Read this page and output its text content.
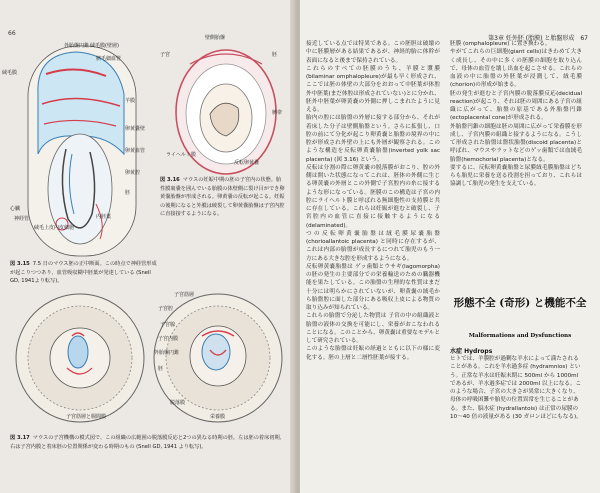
66
外胎盤円錐 絨毛膜(壁層)
臍毛細血管
絨毛膜
羊膜
卵黄嚢壁
卵黄血管
卵黄腔
胚
心臓
神経管	内胚葉
絨毛上皮内皮細胞
図 3.15 7.5 日のマウス胚の正中断面。この時点で神経管形成が起こりつつあり、血管吸収糊中胚葉が発達している (Snell GD, 1941より転写)。
壁側胎盤
子宮	胚
臍帯
ライヘルト膜
反転卵黄嚢
図 3.16 マウスの妊娠中期の胚の子宮内の状態。胎性膜裏嚢を囲んでいる胎膜の体壁側に裂け目ができ卵黄嚢胎盤が形成される。卵黄嚢の反転が起こる。妊娠の後期になると外膜は破裂して卵黄嚢胎盤は子宮内腔に直接接するようになる。
子宮筋層
子宮腔
子宮腺
子宮内膜
外胎盤円錐
胚
脱落膜
子宮筋層と腸間膜	栄養膜
図 3.17 マウスの子宮機構の模式図で、この組織の広範囲の脱落膜反応と2つの異なる時期の胚。左は胚の着床初期、右は子宮内膜と着床胚の位置関係が変わる時期のもの (Snell GD, 1941 より転写)。
第3章 妊外胚 (胎膜) と胎盤形成　67

接近している点では特異である。この胚胆は破壊の中に胚膜層がある結果であるが、神経的胎に体幹が表面になると後まで保持されている。

これらのすべての胚膜のうち、羊膜と漿膜(bilaminar omphalopleure)が最も早く形成され、ここでは胚の体壁の大部分をおおって中胚葉が体腔外中胚葉(まだ体腔は形成されていない)とに分かれ、胚外中胚葉が卵黄嚢の外側に押しこまれたように見える。

胎内の腔には胎盤の外層に接する部分から、それが着床した分子は壁側胎盤という。さらに拡張し、口腔の前にて分化が起こり卵黄嚢と胎盤の境界の中に腔が形成され外壁の上にも外層が観察される。このような構造を反転卵黄嚢胎盤(inverted yolk sac placenta) (図 3.16) という。

反転は分割の際に卵黄嚢の脱落膜がおこり、腔の外側は開いた状態になってこれは、胚体の外側に生じる卵黄嚢の外層とこの外側で子宮腔内の糸に接するような形になっている。胚膜のこの構造は子宮の内腔にライヘルト膜と呼ばれる無細胞性の支持膜と共に存在している。これらは妊娠が進むと破裂し、子宮腔内の血管に直接に接触するようになる (delaminated)。

つの反転卵黄嚢胎盤は絨毛膜尿嚢胎盤 (chorioallantoic placenta) と同時に存在するが、これは内部の胎盤が成長するにつれて胎児のもう一方にある大きな腔を形成するようになる。

反転卵黄嚢胎盤は ゲッ歯類とウサギ(lagomorpha)の胚の発生の主要部分での栄養輸送のための臓器機能を果たしている。この胎盤の生理的な性質はまだ十分には明らかにされていないが、卵黄嚢の絨毛から胎盤腔に面した部分にある吸収上皮による物質の取り込みが知られている。

これらの胎盤で分泌した物質は 子宮の中の組織液と胎盤の液体の交換を可能にし、栄養がおこなわれることになる。このことから、卵黄嚢は重要なモデルとして研究されている。

このような胎盤は妊娠の経過とともに以下の様に変化する。胚の上層と二層性胚葉が接する。

胚膜 (omphalopleure) に置き換わる。

やがてこれらの巨細胞(giant cells)はきわめて大きく成長し、その中に多くの胚膜の細胞を取り込んで、母体の血管を壊し出血を起こさせる。これらの血液の中に胎盤の外胚葉が浸潤して、絨毛膜(chorion)の形成が始まる。

胚の発生が進むと子宮内膜の脱落膜反応(decidual reaction)が起こり、それは胚の周囲にある子宮の組織に広がって、胎盤の原基である外胎盤円錐(ectoplacental cone)が形成される。

外胎盤円錐の細胞は胚の周囲に広がって栄養膜を形成し、子宮内膜の組織と接するようになる。こうして形成された胎盤は盤状胎盤(discoid placenta)と呼ばれ、マウスやラットなどのゲッ歯類では血絨毛胎盤(hemochorial placenta)となる。

要するに、反転卵黄嚢胎盤と尿膜絨毛膜胎盤はどちらも胎児に栄養を送る役割を担っており、これらは協調して胎児の発生を支えている。

形態不全 (奇形) と機能不全
Malformations and Dysfunctions
水症 Hydrops
ヒトでは、羊膜腔が過剰な羊水によって満たされることがある。これを羊水過多症 (hydramnios) という。正常な羊水は妊娠末期に 500ml から 1000ml であるが、羊水過多症では 2000ml 以上になる。このような場合、子宮の大きさが異常に大きくなり、母体の呼吸困難や胎児の位置異常を生じることがある。また、脳水症 (hydrallantois) は正常の尿膜の 10～40 倍の液量がある (30 ガロンほどにもなる)。
